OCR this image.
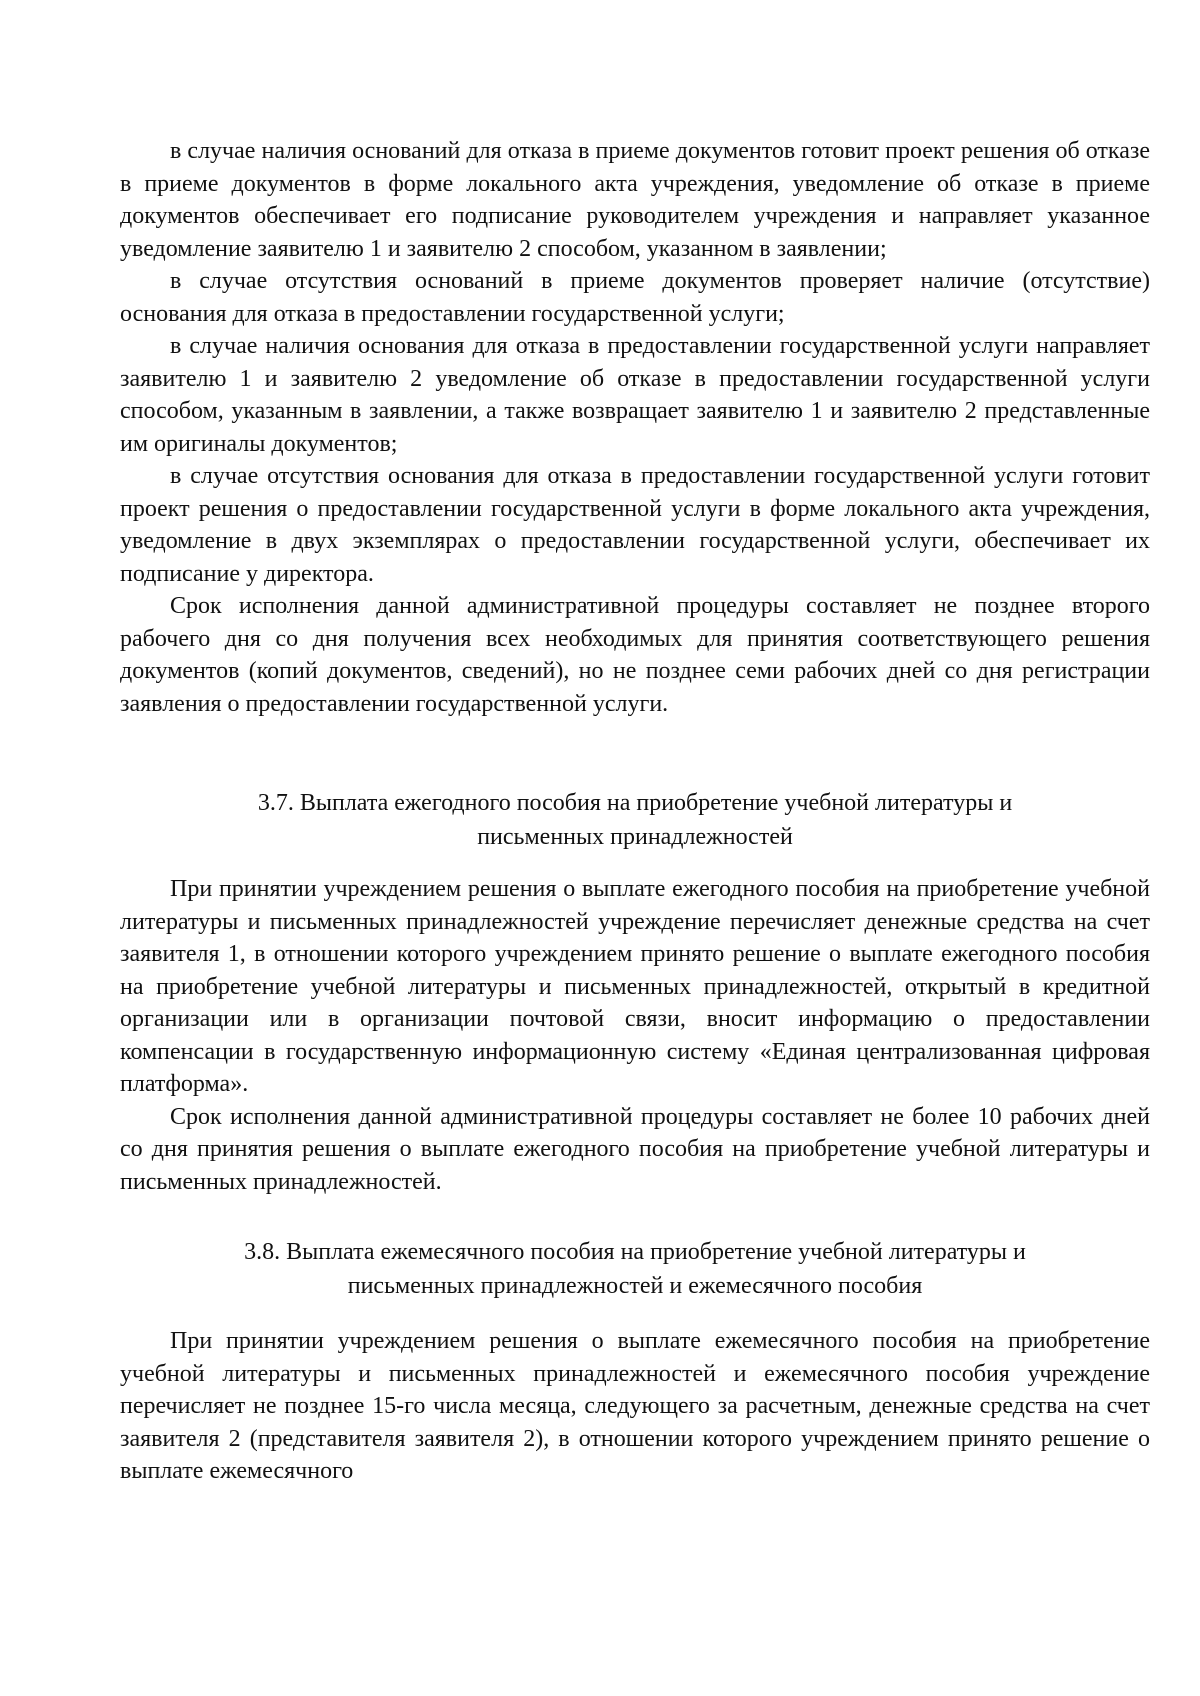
в случае наличия оснований для отказа в приеме документов готовит проект решения об отказе в приеме документов в форме локального акта учреждения, уведомление об отказе в приеме документов обеспечивает его подписание руководителем учреждения и направляет указанное уведомление заявителю 1 и заявителю 2 способом, указанном в заявлении;

в случае отсутствия оснований в приеме документов проверяет наличие (отсутствие) основания для отказа в предоставлении государственной услуги;

в случае наличия основания для отказа в предоставлении государственной услуги направляет заявителю 1 и заявителю 2 уведомление об отказе в предоставлении государственной услуги способом, указанным в заявлении, а также возвращает заявителю 1 и заявителю 2 представленные им оригиналы документов;

в случае отсутствия основания для отказа в предоставлении государственной услуги готовит проект решения о предоставлении государственной услуги в форме локального акта учреждения, уведомление в двух экземплярах о предоставлении государственной услуги, обеспечивает их подписание у директора.

Срок исполнения данной административной процедуры составляет не позднее второго рабочего дня со дня получения всех необходимых для принятия соответствующего решения документов (копий документов, сведений), но не позднее семи рабочих дней со дня регистрации заявления о предоставлении государственной услуги.

3.7. Выплата ежегодного пособия на приобретение учебной литературы и
письменных принадлежностей

При принятии учреждением решения о выплате ежегодного пособия на приобретение учебной литературы и письменных принадлежностей учреждение перечисляет денежные средства на счет заявителя 1, в отношении которого учреждением принято решение о выплате ежегодного пособия на приобретение учебной литературы и письменных принадлежностей, открытый в кредитной организации или в организации почтовой связи, вносит информацию о предоставлении компенсации в государственную информационную систему «Единая централизованная цифровая платформа».

Срок исполнения данной административной процедуры составляет не более 10 рабочих дней со дня принятия решения о выплате ежегодного пособия на приобретение учебной литературы и письменных принадлежностей.

3.8. Выплата ежемесячного пособия на приобретение учебной литературы и
письменных принадлежностей и ежемесячного пособия

При принятии учреждением решения о выплате ежемесячного пособия на приобретение учебной литературы и письменных принадлежностей и ежемесячного пособия учреждение перечисляет не позднее 15-го числа месяца, следующего за расчетным, денежные средства на счет заявителя 2 (представителя заявителя 2), в отношении которого учреждением принято решение о выплате ежемесячного
